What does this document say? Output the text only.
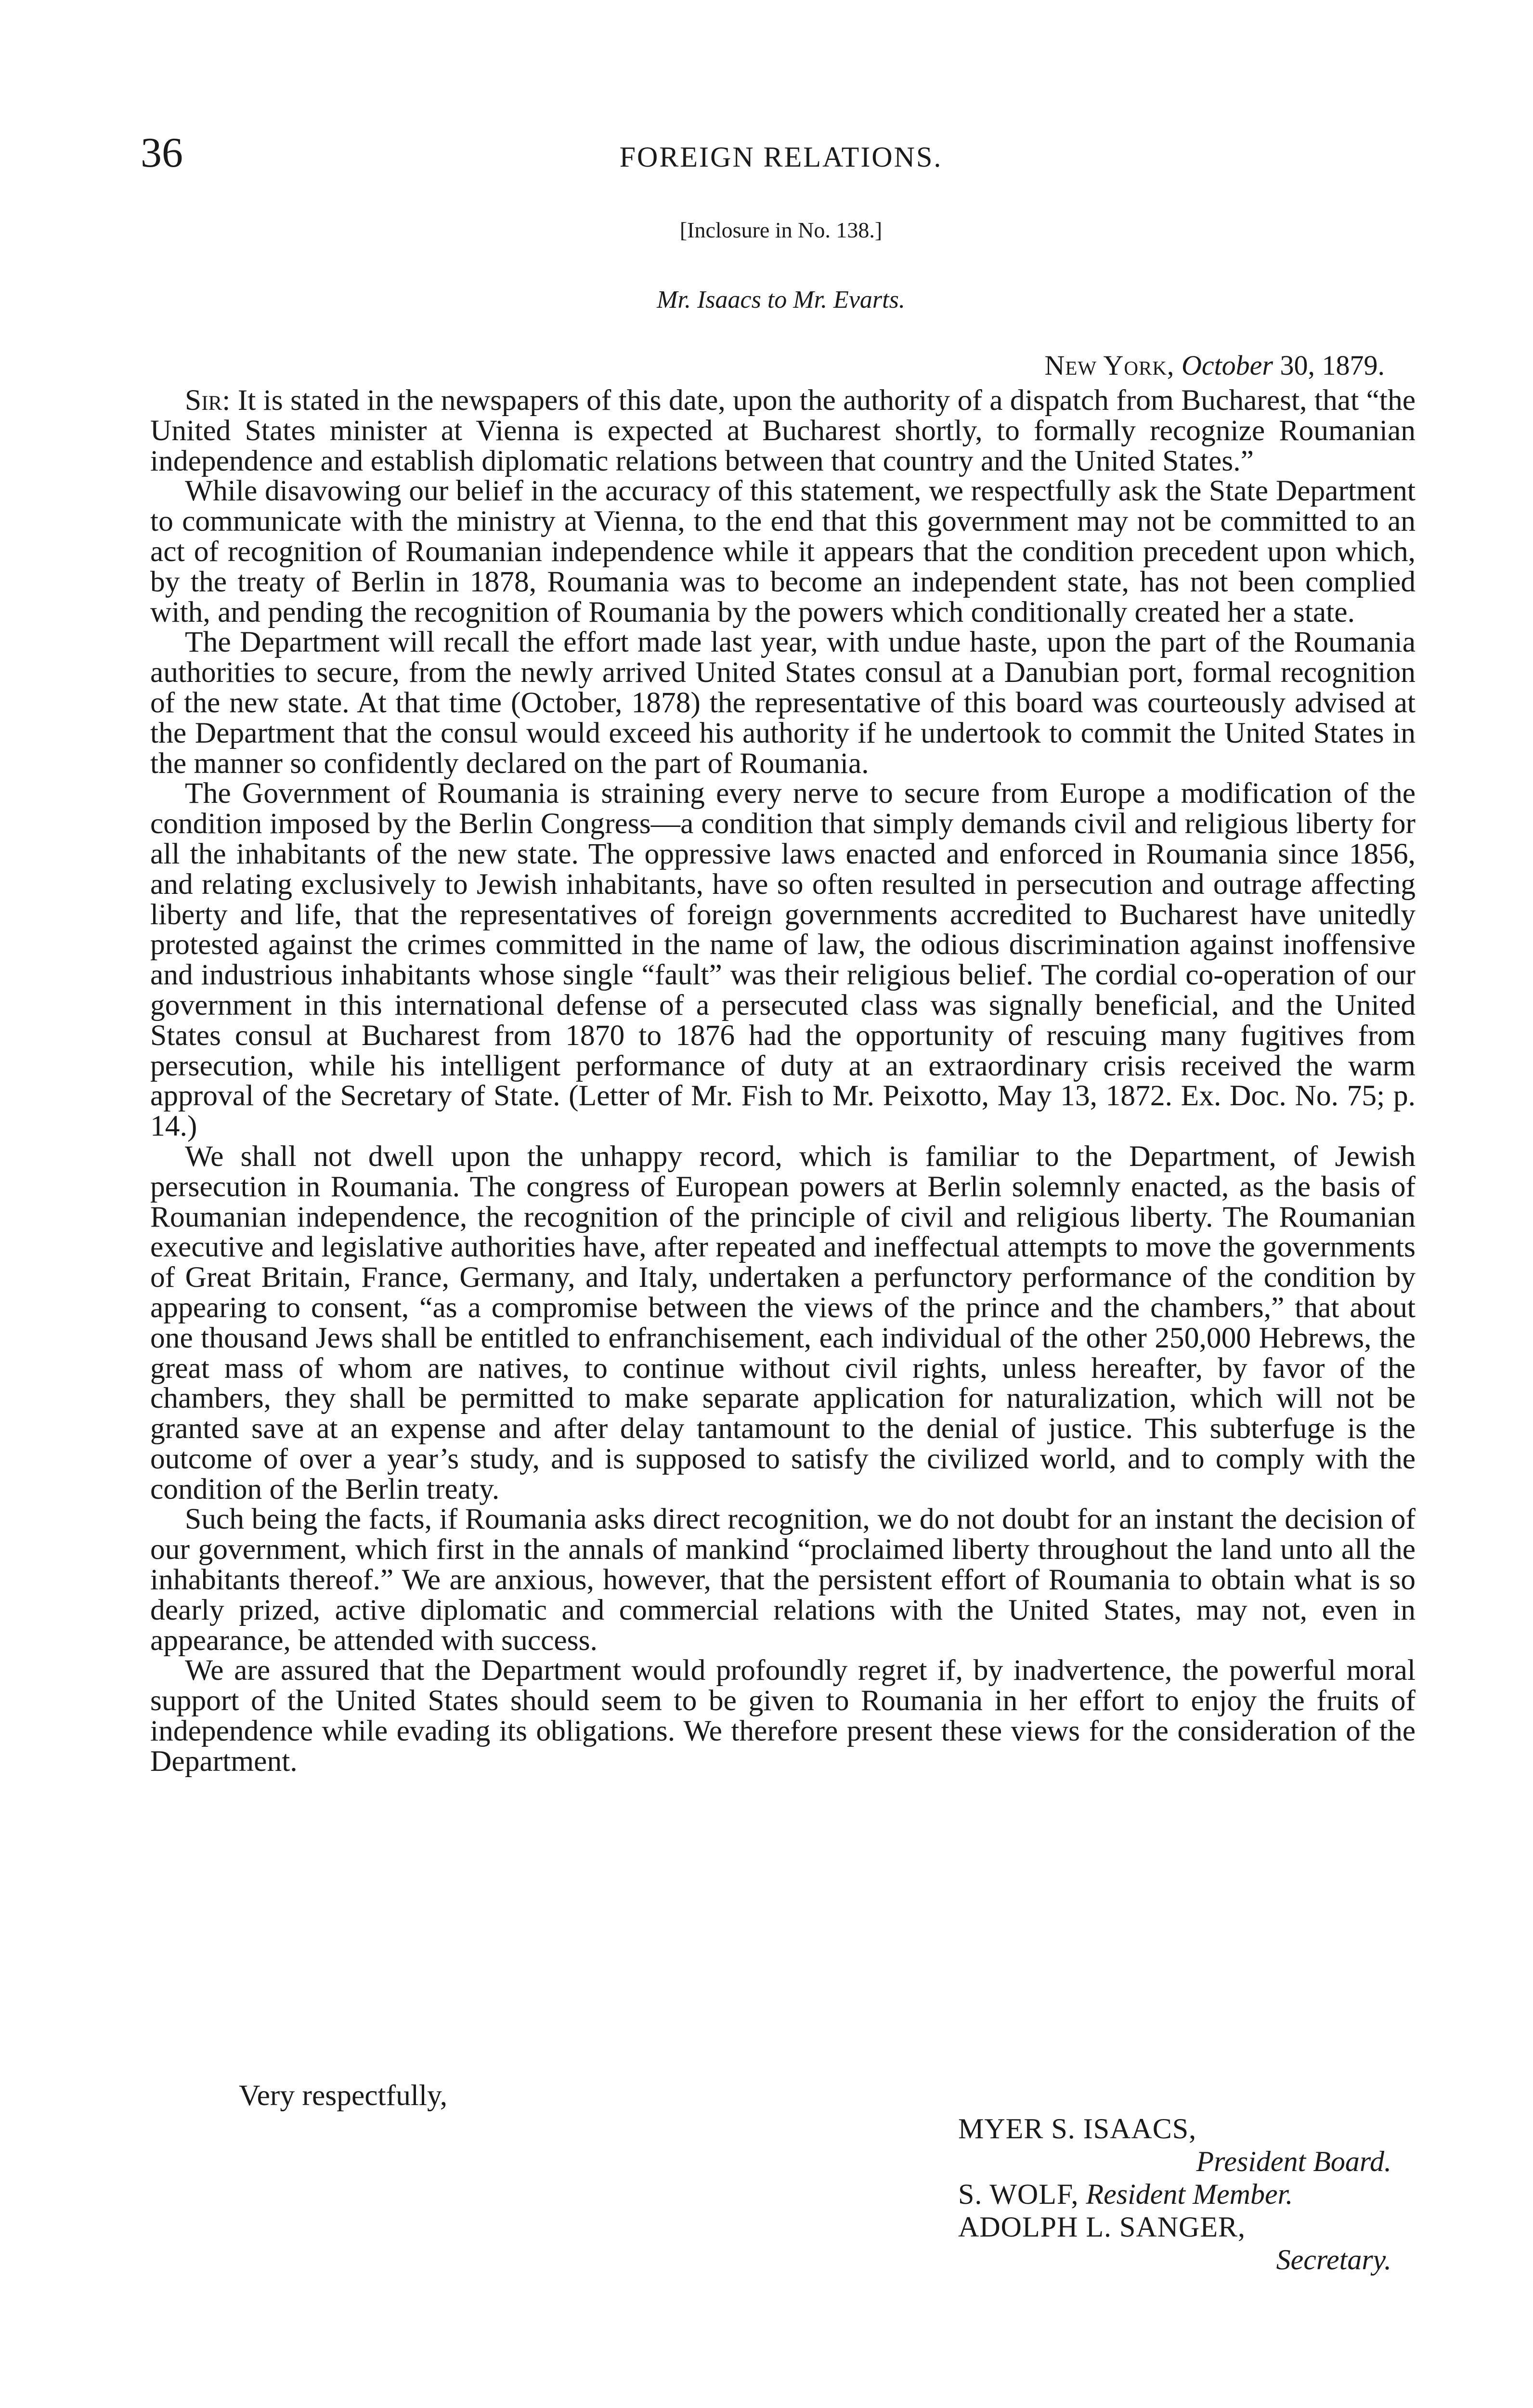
36	FOREIGN RELATIONS.
[Inclosure in No. 138.]
Mr. Isaacs to Mr. Evarts.
New York, October 30, 1879.

Sir: It is stated in the newspapers of this date, upon the authority of a dispatch from Bucharest, that “the United States minister at Vienna is expected at Bucharest shortly, to formally recognize Roumanian independence and establish diplomatic relations between that country and the United States.”

While disavowing our belief in the accuracy of this statement, we respectfully ask the State Department to communicate with the ministry at Vienna, to the end that this government may not be committed to an act of recognition of Roumanian independence while it appears that the condition precedent upon which, by the treaty of Berlin in 1878, Roumania was to become an independent state, has not been complied with, and pending the recognition of Roumania by the powers which conditionally created her a state.

The Department will recall the effort made last year, with undue haste, upon the part of the Roumania authorities to secure, from the newly arrived United States consul at a Danubian port, formal recognition of the new state. At that time (October, 1878) the representative of this board was courteously advised at the Department that the consul would exceed his authority if he undertook to commit the United States in the manner so confidently declared on the part of Roumania.

The Government of Roumania is straining every nerve to secure from Europe a modification of the condition imposed by the Berlin Congress—a condition that simply demands civil and religious liberty for all the inhabitants of the new state. The oppressive laws enacted and enforced in Roumania since 1856, and relating exclusively to Jewish inhabitants, have so often resulted in persecution and outrage affecting liberty and life, that the representatives of foreign governments accredited to Bucharest have unitedly protested against the crimes committed in the name of law, the odious discrimination against inoffensive and industrious inhabitants whose single “fault” was their religious belief. The cordial co-operation of our government in this international defense of a persecuted class was signally beneficial, and the United States consul at Bucharest from 1870 to 1876 had the opportunity of rescuing many fugitives from persecution, while his intelligent performance of duty at an extraordinary crisis received the warm approval of the Secretary of State. (Letter of Mr. Fish to Mr. Peixotto, May 13, 1872. Ex. Doc. No. 75; p. 14.)

We shall not dwell upon the unhappy record, which is familiar to the Department, of Jewish persecution in Roumania. The congress of European powers at Berlin solemnly enacted, as the basis of Roumanian independence, the recognition of the principle of civil and religious liberty. The Roumanian executive and legislative authorities have, after repeated and ineffectual attempts to move the governments of Great Britain, France, Germany, and Italy, undertaken a perfunctory performance of the condition by appearing to consent, “as a compromise between the views of the prince and the chambers,” that about one thousand Jews shall be entitled to enfranchisement, each individual of the other 250,000 Hebrews, the great mass of whom are natives, to continue without civil rights, unless hereafter, by favor of the chambers, they shall be permitted to make separate application for naturalization, which will not be granted save at an expense and after delay tantamount to the denial of justice. This subterfuge is the outcome of over a year’s study, and is supposed to satisfy the civilized world, and to comply with the condition of the Berlin treaty.

Such being the facts, if Roumania asks direct recognition, we do not doubt for an instant the decision of our government, which first in the annals of mankind “proclaimed liberty throughout the land unto all the inhabitants thereof.” We are anxious, however, that the persistent effort of Roumania to obtain what is so dearly prized, active diplomatic and commercial relations with the United States, may not, even in appearance, be attended with success.

We are assured that the Department would profoundly regret if, by inadvertence, the powerful moral support of the United States should seem to be given to Roumania in her effort to enjoy the fruits of independence while evading its obligations. We therefore present these views for the consideration of the Department.

Very respectfully,
MYER S. ISAACS,
President Board.
S. WOLF, Resident Member.
ADOLPH L. SANGER,
Secretary.
